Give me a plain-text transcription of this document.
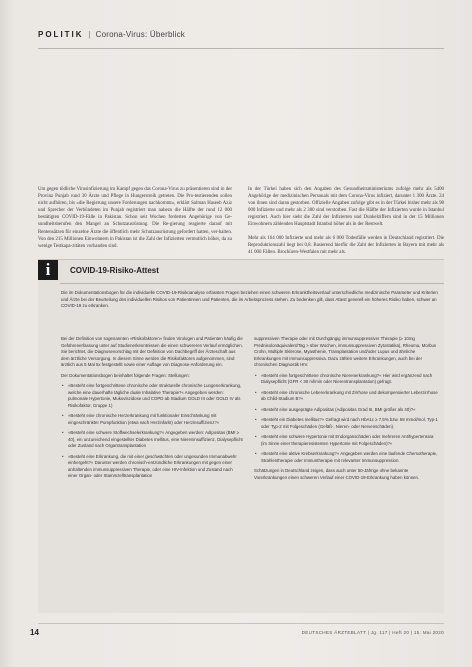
POLITIK | Corona-Virus: Überblick

Um gegen tödliche Virusinfizierung im Kampf gegen das Corona-Virus zu präsentieren sind in der Provinz Punjab rund 30 Ärzte und Pflege in Hungerstreik getreten. Die Pro-testierenden sollen nicht aufhören, bis »die Regierung unsere Forderungen nachkommt«, erklärt Salman Haseeb Aziz und Sprecher der Verbündeten im Punjab registriert man nahezu die Hälfte der rund 12 000 bestätigten COVID-19-Fälle in Pakistan. Schon seit Wochen forderten Angehörige von Ge-sundheitsberufen den Mangel an Schutzausrüstung. Die Re-gierung reagierte darauf mit Rentensätzen für einzelne Ärzte die öffentlich mehr Schutzausrüstung gefordert hatten, ver-halten. Von den 215 Millionen Einwohnern in Pakistan ist die Zahl der Infizierten vermutlich höher, da zu wenige Testkapa-zitäten vorhanden sind.

In der Türkei haben sich den Angaben des Gesundheitsministeriums zufolge mehr als 5400 Angehörige der medizinischen Personals mit dem Corona-Virus infiziert, darunter 1 300 Ärzte. 24 von ihnen sind daran gestorben. Offizielle Angaben zufolge gibt es in der Türkei bisher mehr als 98 000 Infizierte und mehr als 2 300 sind verstorben. Fast die Hälfte der Infizierten wurde in Istanbul registriert. Auch hier sieht die Zahl der Infizierten und Dunkelziffern sind in der 15 Millionen Einwohnern zählenden Hauptstadt Istanbul höher als in der Restwelt.

Mehr als 164 000 Infizierte und mehr als 6 000 Todesfälle werden in Deutschland registriert. Die Reproduktionszahl liegt bei 0,8. Basierend hierfür die Zahl der Infizierten in Bayern mit mehr als 41 000 Fällen. Brochüren-Westfalen mit mehr als.

i	COVID-19-Risiko-Attest
Die im Dokumentationsbogen für die individuelle COVID-19-Risikoanalyse erfassten Fragen beziehen einen schweren Erkranktheitsverlauf unterschiedliche medizinische Parameter und Kriterien und Ärzte bei der Beurteilung des individuellen Risikos von Patientinnen und Patienten, die im Arbeitsprozess stehen. Zu bedenken gilt, dass Attest generell ein höheres Risiko haben, schwer an COVID-19 zu erkranken.

Bei der Definition von sogenannten »Risikofaktoren« finden Virologen und Patienten häufig die Gefahrenerfassung unter auf Studienerkenntnissen die einen schwereren Verlauf ermöglichen. Sie berichtet, die Diagnosevorschlag mit der Definition von Dachbegriff der Ärzteschaft aus dem ärztliche Versorgung. In diesem Sinne werden die Risikofaktoren aufgenommen, sind ärztlich aus 5 Mal 5x festgestellt sowie einer Auflage von Diagnose-Anforderung ein.

Der Dokumentationsbogen beinhaltet folgende Fragen: Stellungen:

• »Besteht eine fortgeschrittene chronische oder strukturelle chronische Lungenerkrankung, welche eine dauerhafte tägliche duale Inhalative Therapie?« Angegeben werden: pulmonale Hypertonie, Mukoviszidose und COPD ab Stadium GOLD III oder GOLD IV als Risikofaktor, Gruppe 1)
• »Besteht eine chronische Herzerkrankung mit funktionaler Einschränkung mit eingeschränkter Pumpfunktion (etwa nach Herzinfarkt) oder Herzinsuffizienz?«
• »Besteht eine schwere Stoffwechselerkrankung?« Angegeben werden: Adipositas (BMI ≥ 40), ein unzureichend eingestellter Diabetes mellitus, eine Niereninsuffizienz, Dialysepflicht oder Zustand nach Organtransplantation
• »Besteht eine Erkrankung, die mit einer geschwächten oder ungesunden Immunabwehr einhergeht?« Darunter werden chronisch-entzündliche Erkrankungen mit gegen einer anhaltenden immunsuppressiven Therapie, oder eine HIV-Infektion und Zustand nach einer Organ- oder Stammzelltransplantation

suppressiven Therapie oder mit Durchgängig immunsuppressiver Therapie (≥ 10mg Prednisolonäquivalent/Tag > über Wochen, immunsuppressiven Zytostatika), Rheuma, Morbus Crohn, Multiple Sklerose, Myasthenie, Transplantation und/oder Lupus und ähnliche Erkrankungen mit Immunsuppressiva. Dazu zählen weitere Erkrankungen, auch bei der chronischen Diagnostik HIV.

• »Besteht eine fortgeschrittene chronische Nierenerkrankung?« Hier wird ergänzend nach Dialysepflicht (GFR < 30 ml/min oder Nierentransplantation) gefragt.
• »Besteht eine chronische Lebererkrankung mit Zirrhose und dekompensierter Leberzirrhose ab Child-Stadium B?«
• »Besteht eine ausgeprägte Adipositas (Adipositas Grad III, BMI größer als 40)?«
• »Besteht ein Diabetes mellitus?« Gefragt wird nach HbA1c ≥ 7,5% bzw. 58 mmol/mol, Typ-1 oder Typ-2 mit Folgeschäden (Gefäß-, Nieren- oder Nervenschäden).
• »Besteht eine schwere Hypertonie mit Endorganschäden oder mehreren Antihypertensiva (im Sinne einer therapieresistenten Hypertonie mit Folgeschäden)?«
• »Besteht eine aktive Krebserkrankung?« Angegeben werden eine laufende Chemotherapie, Strahlentherapie oder Immuntherapie mit relevanter Immunsuppression.

Schätzungen in Deutschland zeigen, dass auch unter 50-Jährige ohne bekannte Vorerkrankungen einen schweren Verlauf einer COVID-19-Erkrankung haben können.

14	DEUTSCHES ÄRZTEBLATT | Jg. 117 | Heft 20 | 15. Mai 2020
